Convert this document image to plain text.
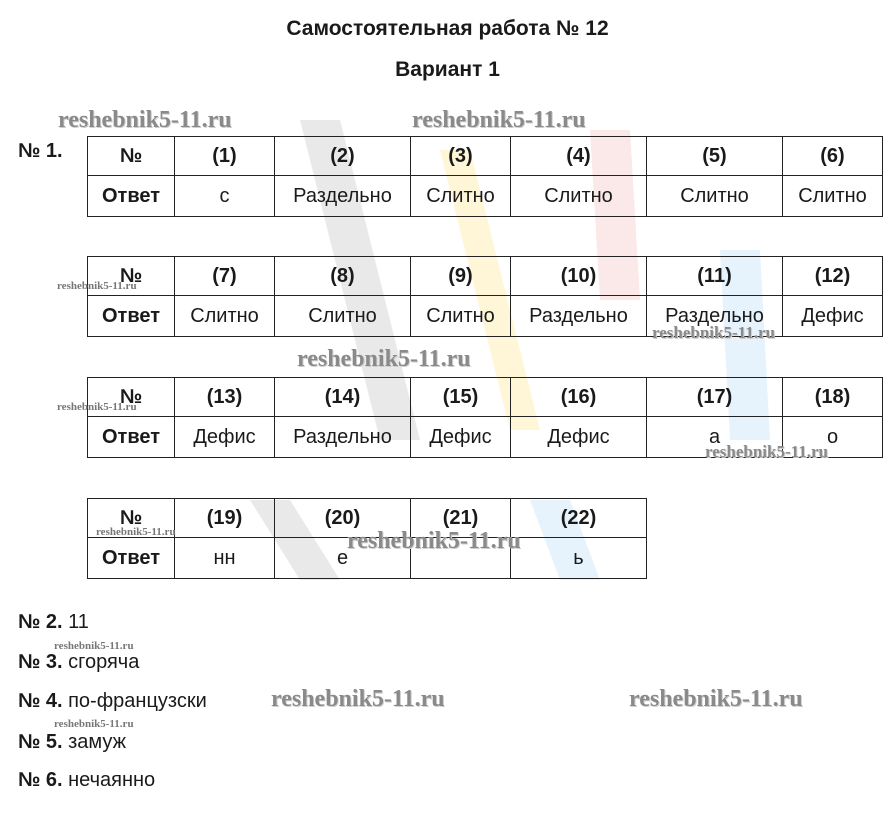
Самостоятельная работа № 12
Вариант 1
№ 1.	№	(1)	(2)	(3)	(4)	(5)	(6)
Ответ	с	Раздельно	Слитно	Слитно	Слитно	Слитно
№	(7)	(8)	(9)	(10)	(11)	(12)
Ответ	Слитно	Слитно	Слитно	Раздельно	Раздельно	Дефис
№	(13)	(14)	(15)	(16)	(17)	(18)
Ответ	Дефис	Раздельно	Дефис	Дефис	а	о
№	(19)	(20)	(21)	(22)
Ответ	нн	е		ь
№ 2. 11
№ 3. сгоряча
№ 4. по-французски
№ 5. замуж
№ 6. нечаянно
reshebnik5-11.ru	reshebnik5-11.ru
reshebnik5-11.ru
reshebnik5-11.ru
reshebnik5-11.ru
reshebnik5-11.ru
reshebnik5-11.ru
reshebnik5-11.ru	reshebnik5-11.ru
reshebnik5-11.ru
reshebnik5-11.ru	reshebnik5-11.ru
reshebnik5-11.ru
